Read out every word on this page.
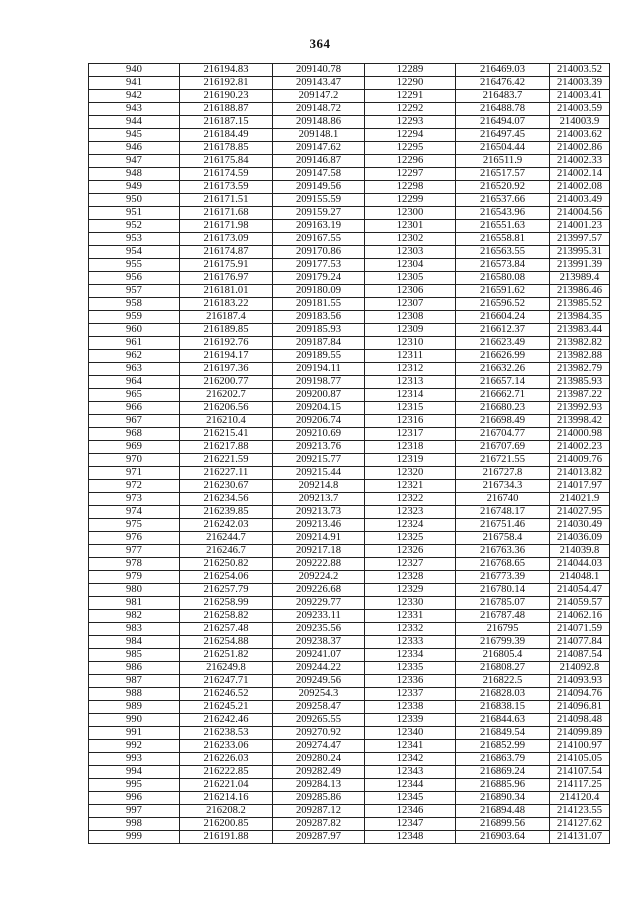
364
940	216194.83	209140.78	12289	216469.03	214003.52
941	216192.81	209143.47	12290	216476.42	214003.39
942	216190.23	209147.2	12291	216483.7	214003.41
943	216188.87	209148.72	12292	216488.78	214003.59
944	216187.15	209148.86	12293	216494.07	214003.9
945	216184.49	209148.1	12294	216497.45	214003.62
946	216178.85	209147.62	12295	216504.44	214002.86
947	216175.84	209146.87	12296	216511.9	214002.33
948	216174.59	209147.58	12297	216517.57	214002.14
949	216173.59	209149.56	12298	216520.92	214002.08
950	216171.51	209155.59	12299	216537.66	214003.49
951	216171.68	209159.27	12300	216543.96	214004.56
952	216171.98	209163.19	12301	216551.63	214001.23
953	216173.09	209167.55	12302	216558.81	213997.57
954	216174.87	209170.86	12303	216563.55	213995.31
955	216175.91	209177.53	12304	216573.84	213991.39
956	216176.97	209179.24	12305	216580.08	213989.4
957	216181.01	209180.09	12306	216591.62	213986.46
958	216183.22	209181.55	12307	216596.52	213985.52
959	216187.4	209183.56	12308	216604.24	213984.35
960	216189.85	209185.93	12309	216612.37	213983.44
961	216192.76	209187.84	12310	216623.49	213982.82
962	216194.17	209189.55	12311	216626.99	213982.88
963	216197.36	209194.11	12312	216632.26	213982.79
964	216200.77	209198.77	12313	216657.14	213985.93
965	216202.7	209200.87	12314	216662.71	213987.22
966	216206.56	209204.15	12315	216680.23	213992.93
967	216210.4	209206.74	12316	216698.49	213998.42
968	216215.41	209210.69	12317	216704.77	214000.98
969	216217.88	209213.76	12318	216707.69	214002.23
970	216221.59	209215.77	12319	216721.55	214009.76
971	216227.11	209215.44	12320	216727.8	214013.82
972	216230.67	209214.8	12321	216734.3	214017.97
973	216234.56	209213.7	12322	216740	214021.9
974	216239.85	209213.73	12323	216748.17	214027.95
975	216242.03	209213.46	12324	216751.46	214030.49
976	216244.7	209214.91	12325	216758.4	214036.09
977	216246.7	209217.18	12326	216763.36	214039.8
978	216250.82	209222.88	12327	216768.65	214044.03
979	216254.06	209224.2	12328	216773.39	214048.1
980	216257.79	209226.68	12329	216780.14	214054.47
981	216258.99	209229.77	12330	216785.07	214059.57
982	216258.82	209233.11	12331	216787.48	214062.16
983	216257.48	209235.56	12332	216795	214071.59
984	216254.88	209238.37	12333	216799.39	214077.84
985	216251.82	209241.07	12334	216805.4	214087.54
986	216249.8	209244.22	12335	216808.27	214092.8
987	216247.71	209249.56	12336	216822.5	214093.93
988	216246.52	209254.3	12337	216828.03	214094.76
989	216245.21	209258.47	12338	216838.15	214096.81
990	216242.46	209265.55	12339	216844.63	214098.48
991	216238.53	209270.92	12340	216849.54	214099.89
992	216233.06	209274.47	12341	216852.99	214100.97
993	216226.03	209280.24	12342	216863.79	214105.05
994	216222.85	209282.49	12343	216869.24	214107.54
995	216221.04	209284.13	12344	216885.96	214117.25
996	216214.16	209285.86	12345	216890.34	214120.4
997	216208.2	209287.12	12346	216894.48	214123.55
998	216200.85	209287.82	12347	216899.56	214127.62
999	216191.88	209287.97	12348	216903.64	214131.07
